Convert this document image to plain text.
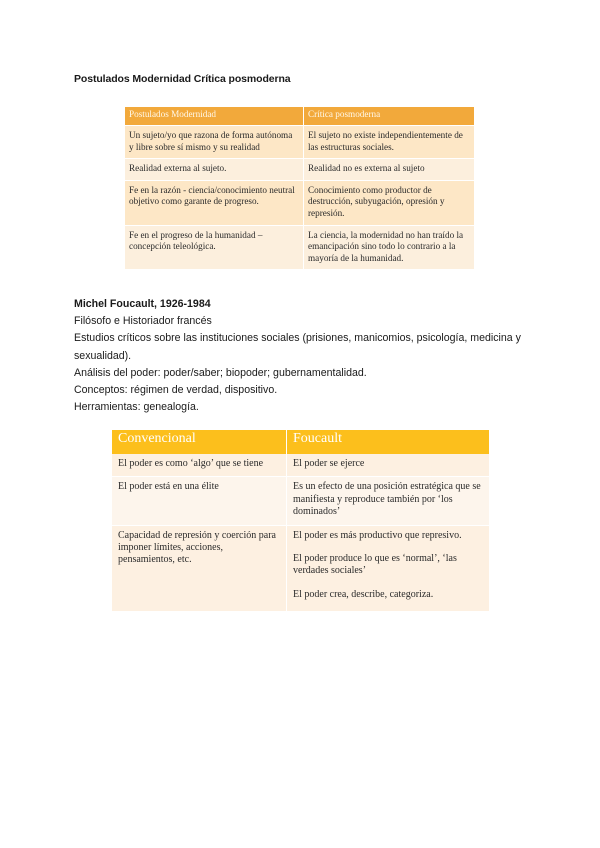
Postulados Modernidad Crítica posmoderna
Postulados Modernidad	Crítica posmoderna
Un sujeto/yo que razona de forma autónoma y libre sobre sí mismo y su realidad	El sujeto no existe independientemente de las estructuras sociales.
Realidad externa al sujeto.	Realidad no es externa al sujeto
Fe en la razón - ciencia/conocimiento neutral objetivo como garante de progreso.	Conocimiento como productor de destrucción, subyugación, opresión y represión.
Fe en el progreso de la humanidad – concepción teleológica.	La ciencia, la modernidad no han traído la emancipación sino todo lo contrario a la mayoría de la humanidad.

Michel Foucault, 1926-1984

Filósofo e Historiador francés

Estudios críticos sobre las instituciones sociales (prisiones, manicomios, psicología, medicina y sexualidad).

Análisis del poder: poder/saber; biopoder; gubernamentalidad.

Conceptos: régimen de verdad, dispositivo.

Herramientas: genealogía.

Convencional	Foucault
El poder es como ‘algo’ que se tiene	El poder se ejerce
El poder está en una élite	Es un efecto de una posición estratégica que se manifiesta y reproduce también por ‘los dominados’
Capacidad de represión y coerción para imponer límites, acciones, pensamientos, etc.	El poder es más productivo que represivo.

El poder produce lo que es ‘normal’, ‘las verdades sociales’

El poder crea, describe, categoriza.
